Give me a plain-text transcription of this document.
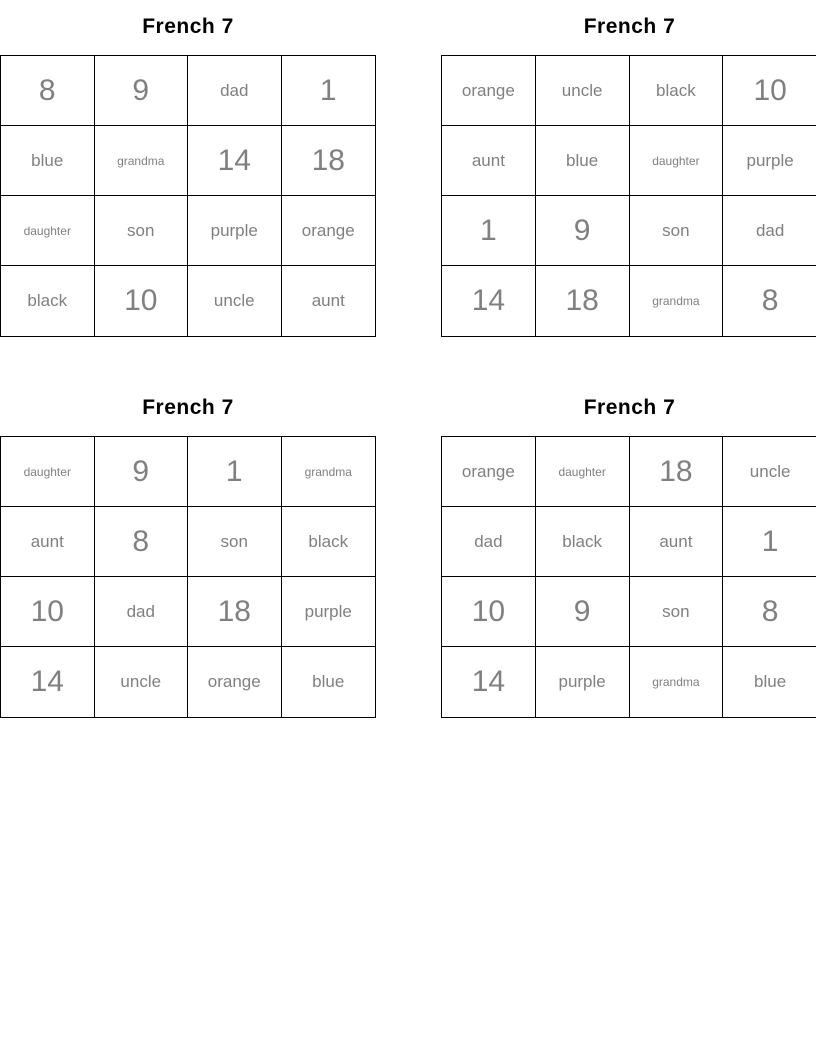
French 7
8	9	dad	1
blue	grandma	14	18
daughter	son	purple	orange
black	10	uncle	aunt
French 7
orange	uncle	black	10
aunt	blue	daughter	purple
1	9	son	dad
14	18	grandma	8
French 7
daughter	9	1	grandma
aunt	8	son	black
10	dad	18	purple
14	uncle	orange	blue
French 7
orange	daughter	18	uncle
dad	black	aunt	1
10	9	son	8
14	purple	grandma	blue
